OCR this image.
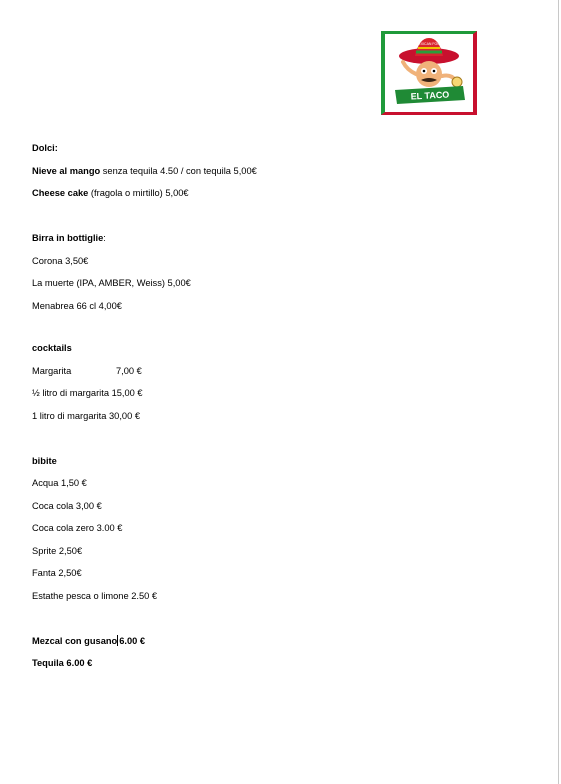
EL TACO
MEXICAN FOOD
Dolci:
Nieve al mango senza tequila 4.50 / con tequila 5,00€
Cheese cake (fragola o mirtillo) 5,00€
Birra in bottiglie:
Corona 3,50€
La muerte (IPA, AMBER, Weiss) 5,00€
Menabrea 66 cl 4,00€
cocktails
Margarita	7,00 €
½ litro di margarita 15,00 €
1 litro di margarita 30,00 €
bibite
Acqua 1,50 €
Coca cola 3,00 €
Coca cola zero 3.00 €
Sprite 2,50€
Fanta 2,50€
Estathe pesca o limone 2.50 €
Mezcal con gusano 6.00 €
Tequila 6.00 €
